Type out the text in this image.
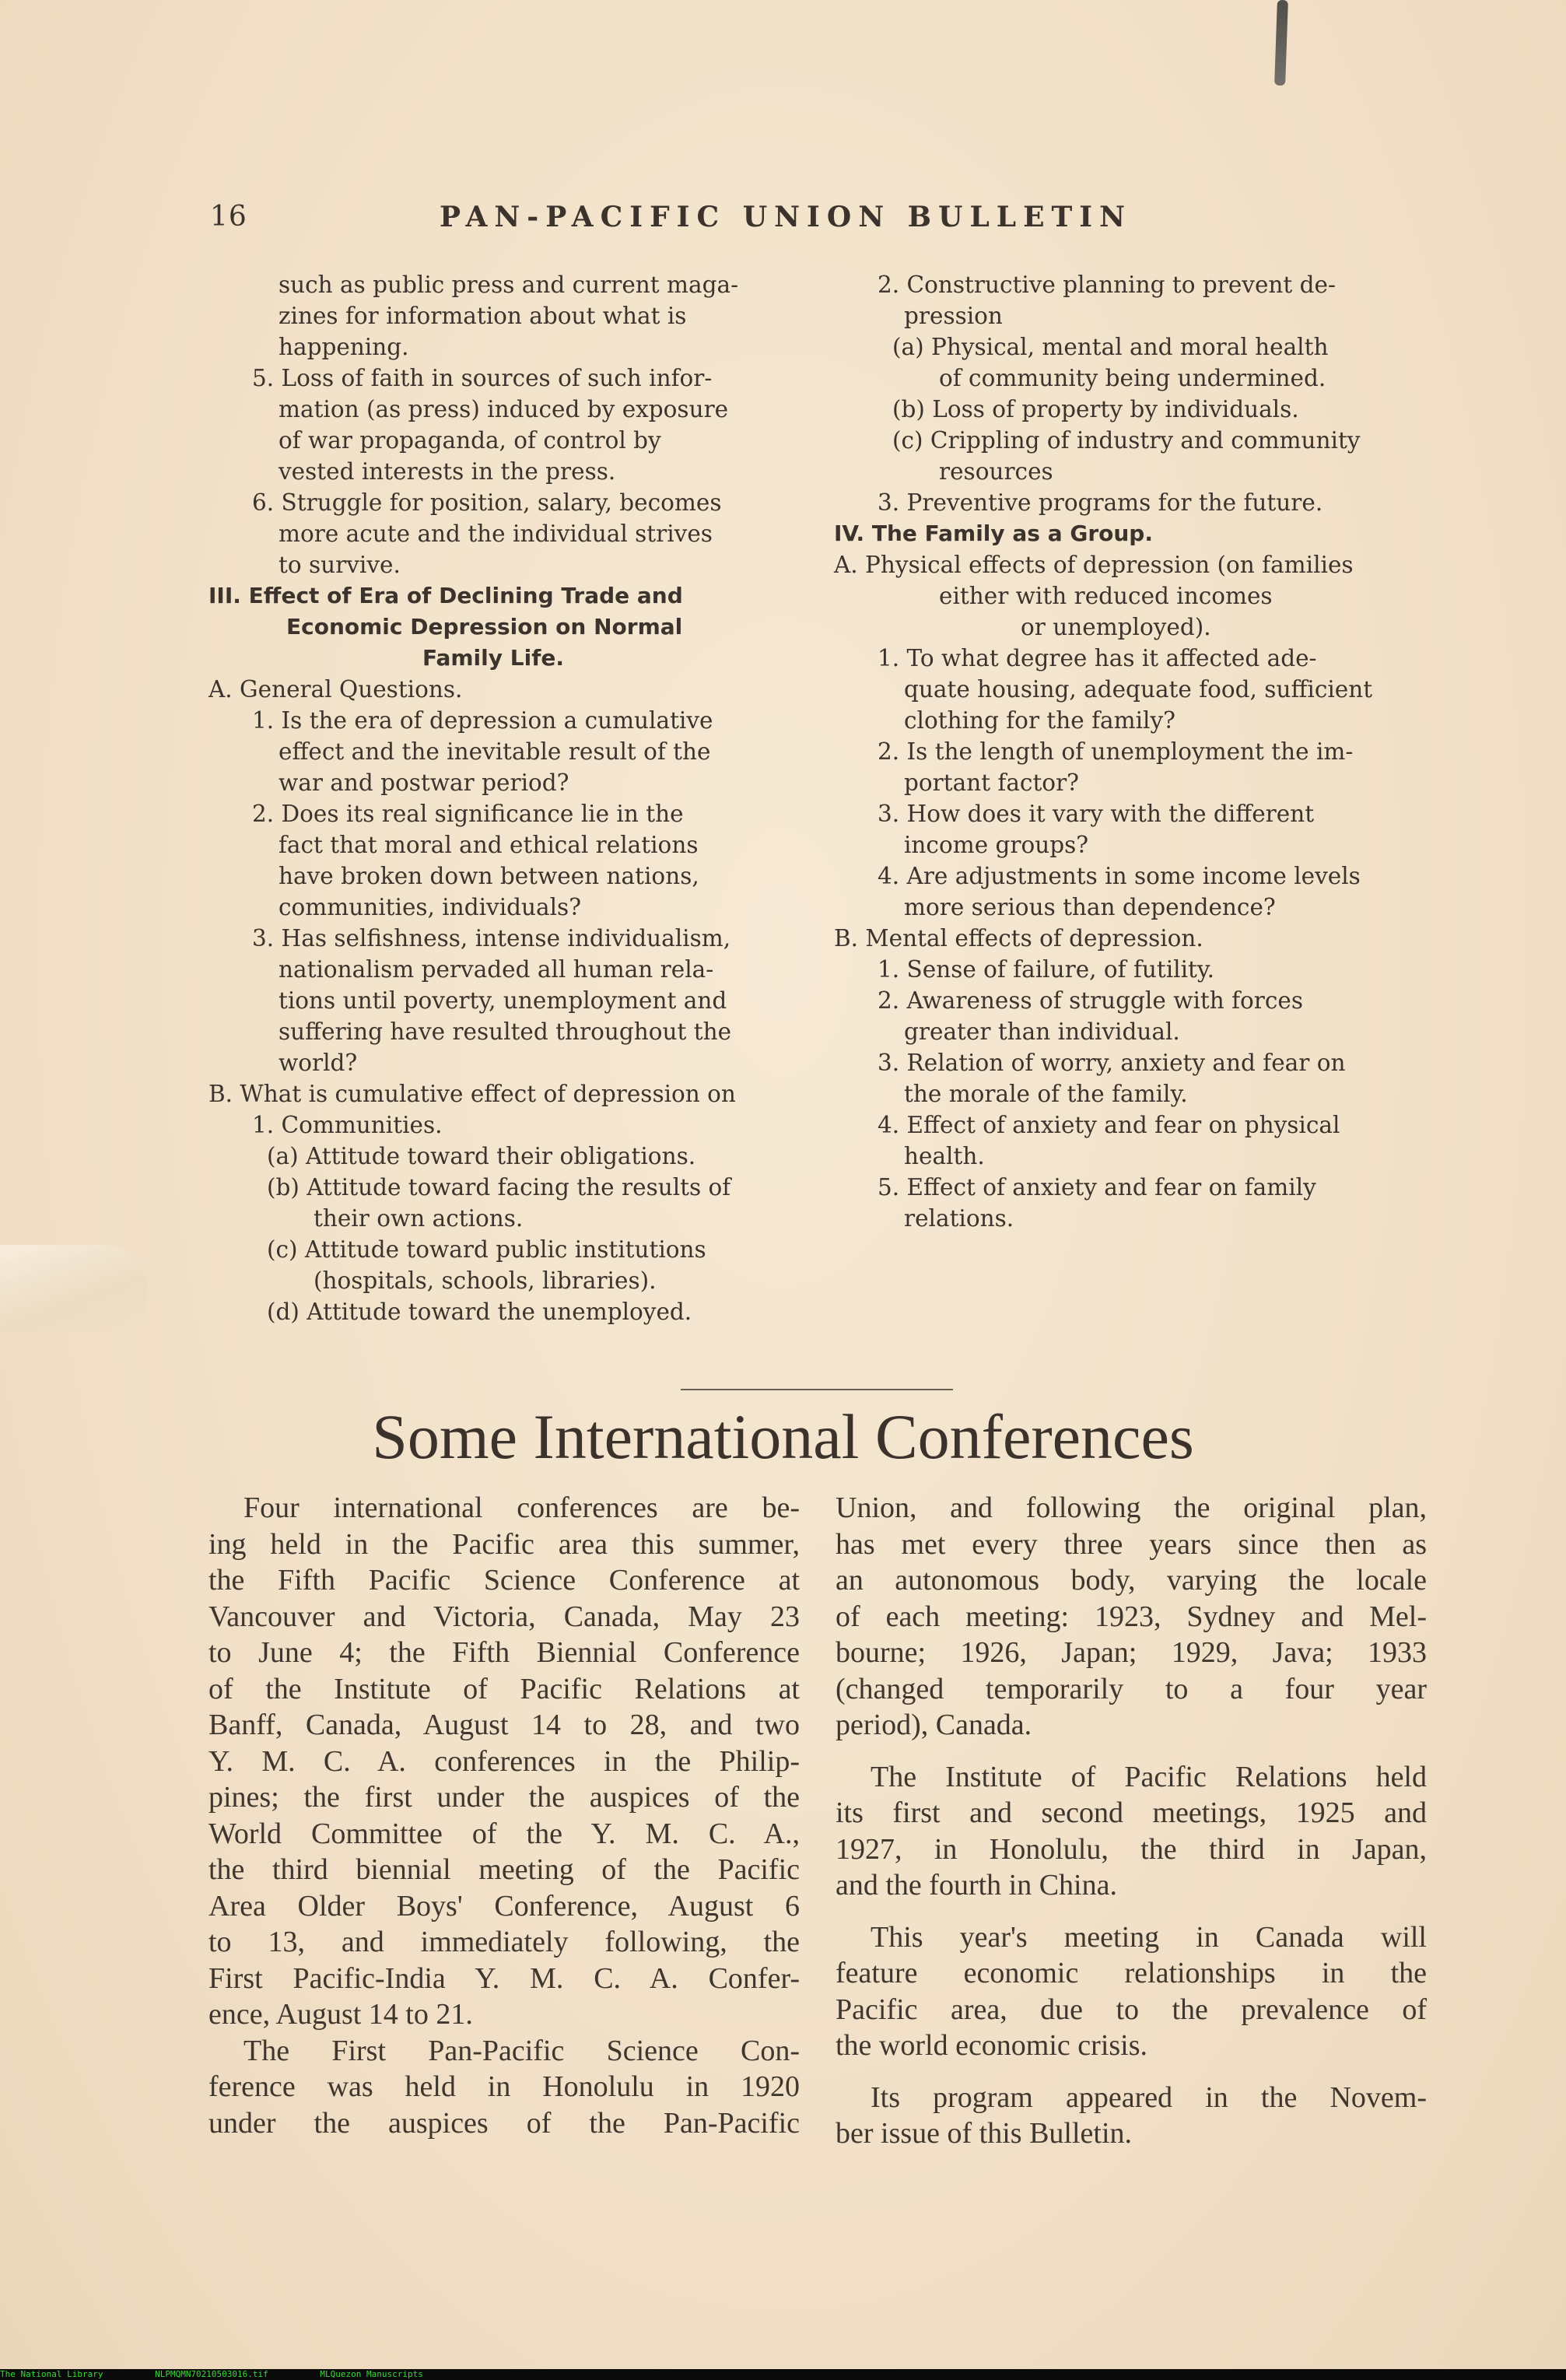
16	PAN-PACIFIC UNION BULLETIN
such as public press and current maga-
zines for information about what is
happening.
5. Loss of faith in sources of such infor-
mation (as press) induced by exposure
of war propaganda, of control by
vested interests in the press.
6. Struggle for position, salary, becomes
more acute and the individual strives
to survive.
III. Effect of Era of Declining Trade and
Economic Depression on Normal
Family Life.
A. General Questions.
1. Is the era of depression a cumulative
effect and the inevitable result of the
war and postwar period?
2. Does its real significance lie in the
fact that moral and ethical relations
have broken down between nations,
communities, individuals?
3. Has selfishness, intense individualism,
nationalism pervaded all human rela-
tions until poverty, unemployment and
suffering have resulted throughout the
world?
B. What is cumulative effect of depression on
1. Communities.
(a) Attitude toward their obligations.
(b) Attitude toward facing the results of
their own actions.
(c) Attitude toward public institutions
(hospitals, schools, libraries).
(d) Attitude toward the unemployed.
2. Constructive planning to prevent de-
pression
(a) Physical, mental and moral health
of community being undermined.
(b) Loss of property by individuals.
(c) Crippling of industry and community
resources
3. Preventive programs for the future.
IV. The Family as a Group.
A. Physical effects of depression (on families
either with reduced incomes
or unemployed).
1. To what degree has it affected ade-
quate housing, adequate food, sufficient
clothing for the family?
2. Is the length of unemployment the im-
portant factor?
3. How does it vary with the different
income groups?
4. Are adjustments in some income levels
more serious than dependence?
B. Mental effects of depression.
1. Sense of failure, of futility.
2. Awareness of struggle with forces
greater than individual.
3. Relation of worry, anxiety and fear on
the morale of the family.
4. Effect of anxiety and fear on physical
health.
5. Effect of anxiety and fear on family
relations.
Some International Conferences
Four international conferences are be-
ing held in the Pacific area this summer,
the Fifth Pacific Science Conference at
Vancouver and Victoria, Canada, May 23
to June 4; the Fifth Biennial Conference
of the Institute of Pacific Relations at
Banff, Canada, August 14 to 28, and two
Y. M. C. A. conferences in the Philip-
pines; the first under the auspices of the
World Committee of the Y. M. C. A.,
the third biennial meeting of the Pacific
Area Older Boys' Conference, August 6
to 13, and immediately following, the
First Pacific-India Y. M. C. A. Confer-
ence, August 14 to 21.
The First Pan-Pacific Science Con-
ference was held in Honolulu in 1920
under the auspices of the Pan-Pacific
Union, and following the original plan,
has met every three years since then as
an autonomous body, varying the locale
of each meeting: 1923, Sydney and Mel-
bourne; 1926, Japan; 1929, Java; 1933
(changed temporarily to a four year
period), Canada.
The Institute of Pacific Relations held
its first and second meetings, 1925 and
1927, in Honolulu, the third in Japan,
and the fourth in China.
This year's meeting in Canada will
feature economic relationships in the
Pacific area, due to the prevalence of
the world economic crisis.
Its program appeared in the Novem-
ber issue of this Bulletin.
The National Library	NLPMQMN70210503016.tif	MLQuezon Manuscripts
